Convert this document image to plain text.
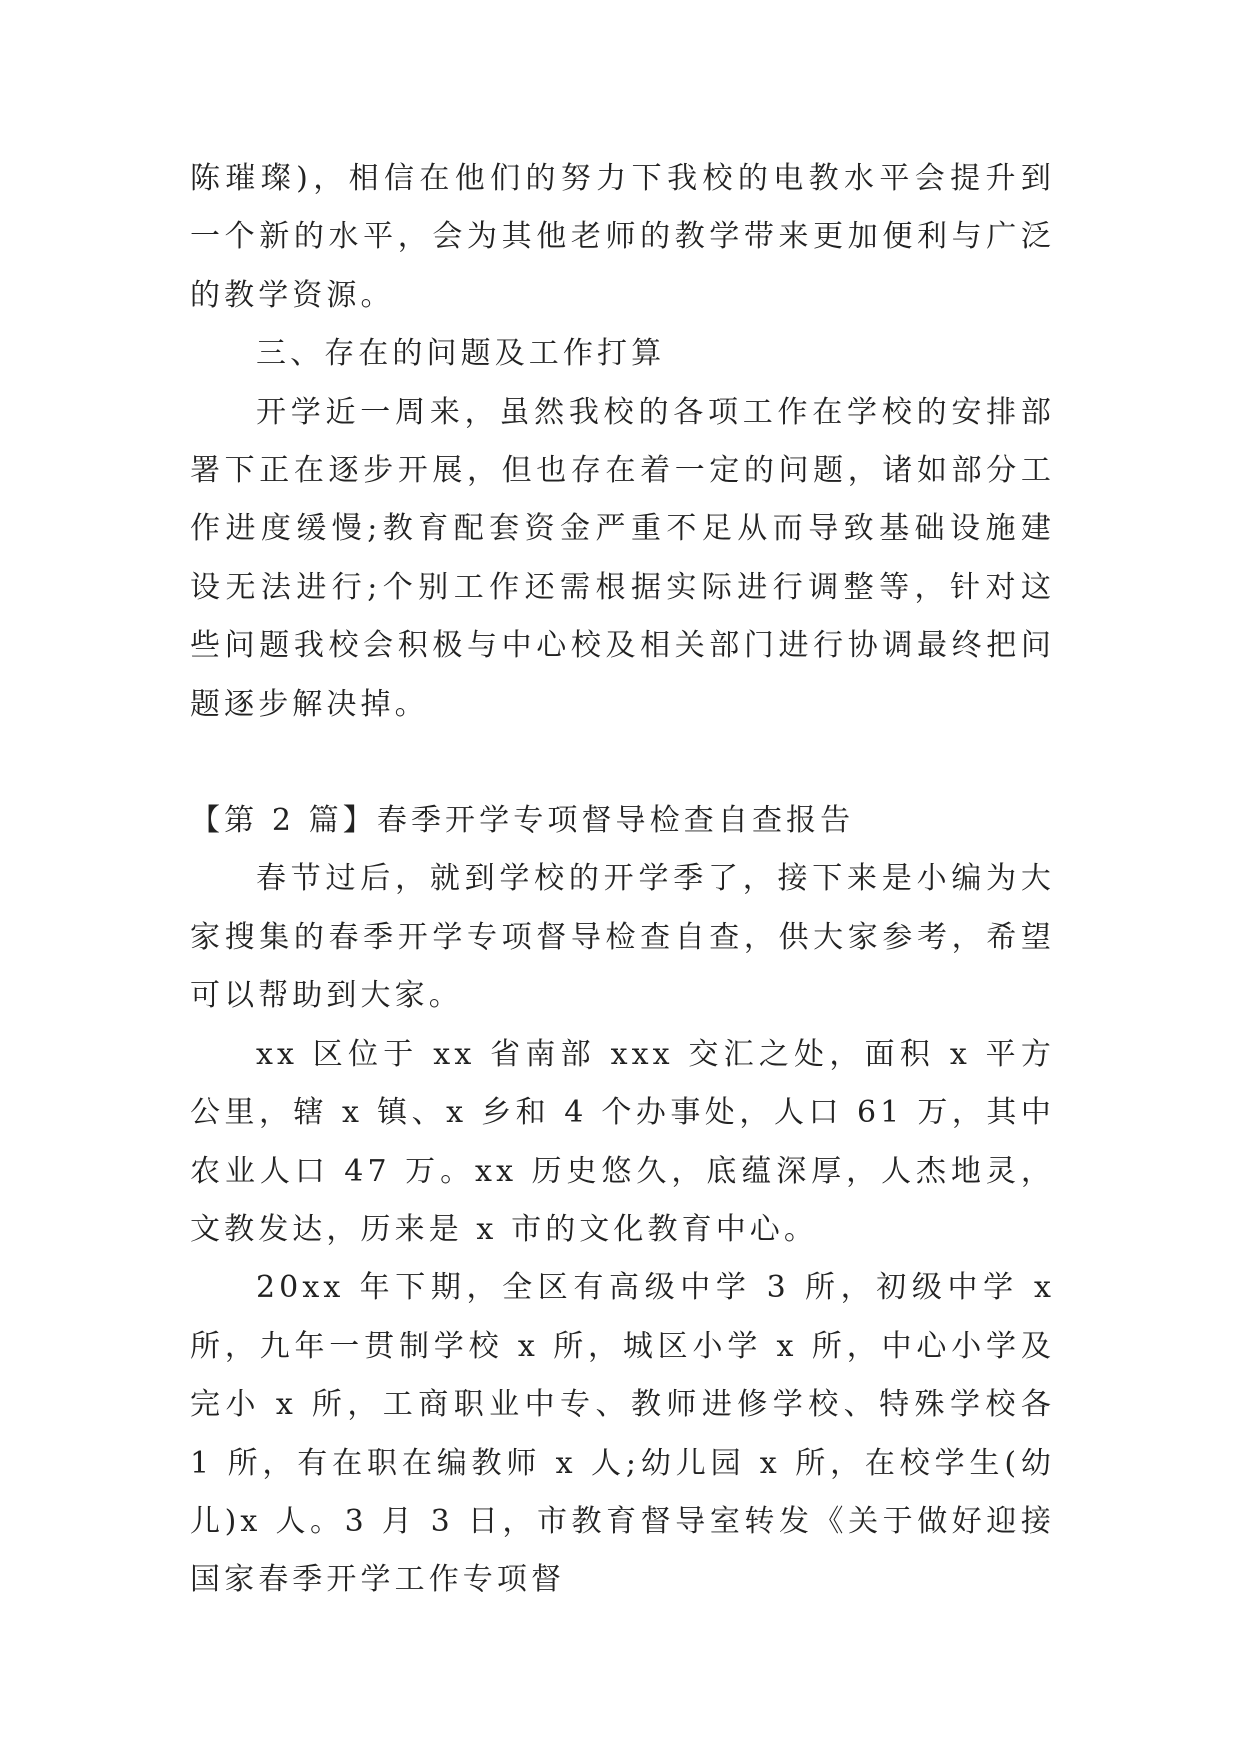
陈璀璨)，相信在他们的努力下我校的电教水平会提升到一个新的水平，会为其他老师的教学带来更加便利与广泛的教学资源。

三、存在的问题及工作打算

开学近一周来，虽然我校的各项工作在学校的安排部署下正在逐步开展，但也存在着一定的问题，诸如部分工作进度缓慢;教育配套资金严重不足从而导致基础设施建设无法进行;个别工作还需根据实际进行调整等，针对这些问题我校会积极与中心校及相关部门进行协调最终把问题逐步解决掉。

【第 2 篇】春季开学专项督导检查自查报告

春节过后，就到学校的开学季了，接下来是小编为大家搜集的春季开学专项督导检查自查，供大家参考，希望可以帮助到大家。

xx 区位于 xx 省南部 xxx 交汇之处，面积 x 平方公里，辖 x 镇、x 乡和 4 个办事处，人口 61 万，其中农业人口 47 万。xx 历史悠久，底蕴深厚，人杰地灵，文教发达，历来是 x 市的文化教育中心。

20xx 年下期，全区有高级中学 3 所，初级中学 x 所，九年一贯制学校 x 所，城区小学 x 所，中心小学及完小 x 所，工商职业中专、教师进修学校、特殊学校各 1 所，有在职在编教师 x 人;幼儿园 x 所，在校学生(幼儿)x 人。3 月 3 日，市教育督导室转发《关于做好迎接国家春季开学工作专项督
